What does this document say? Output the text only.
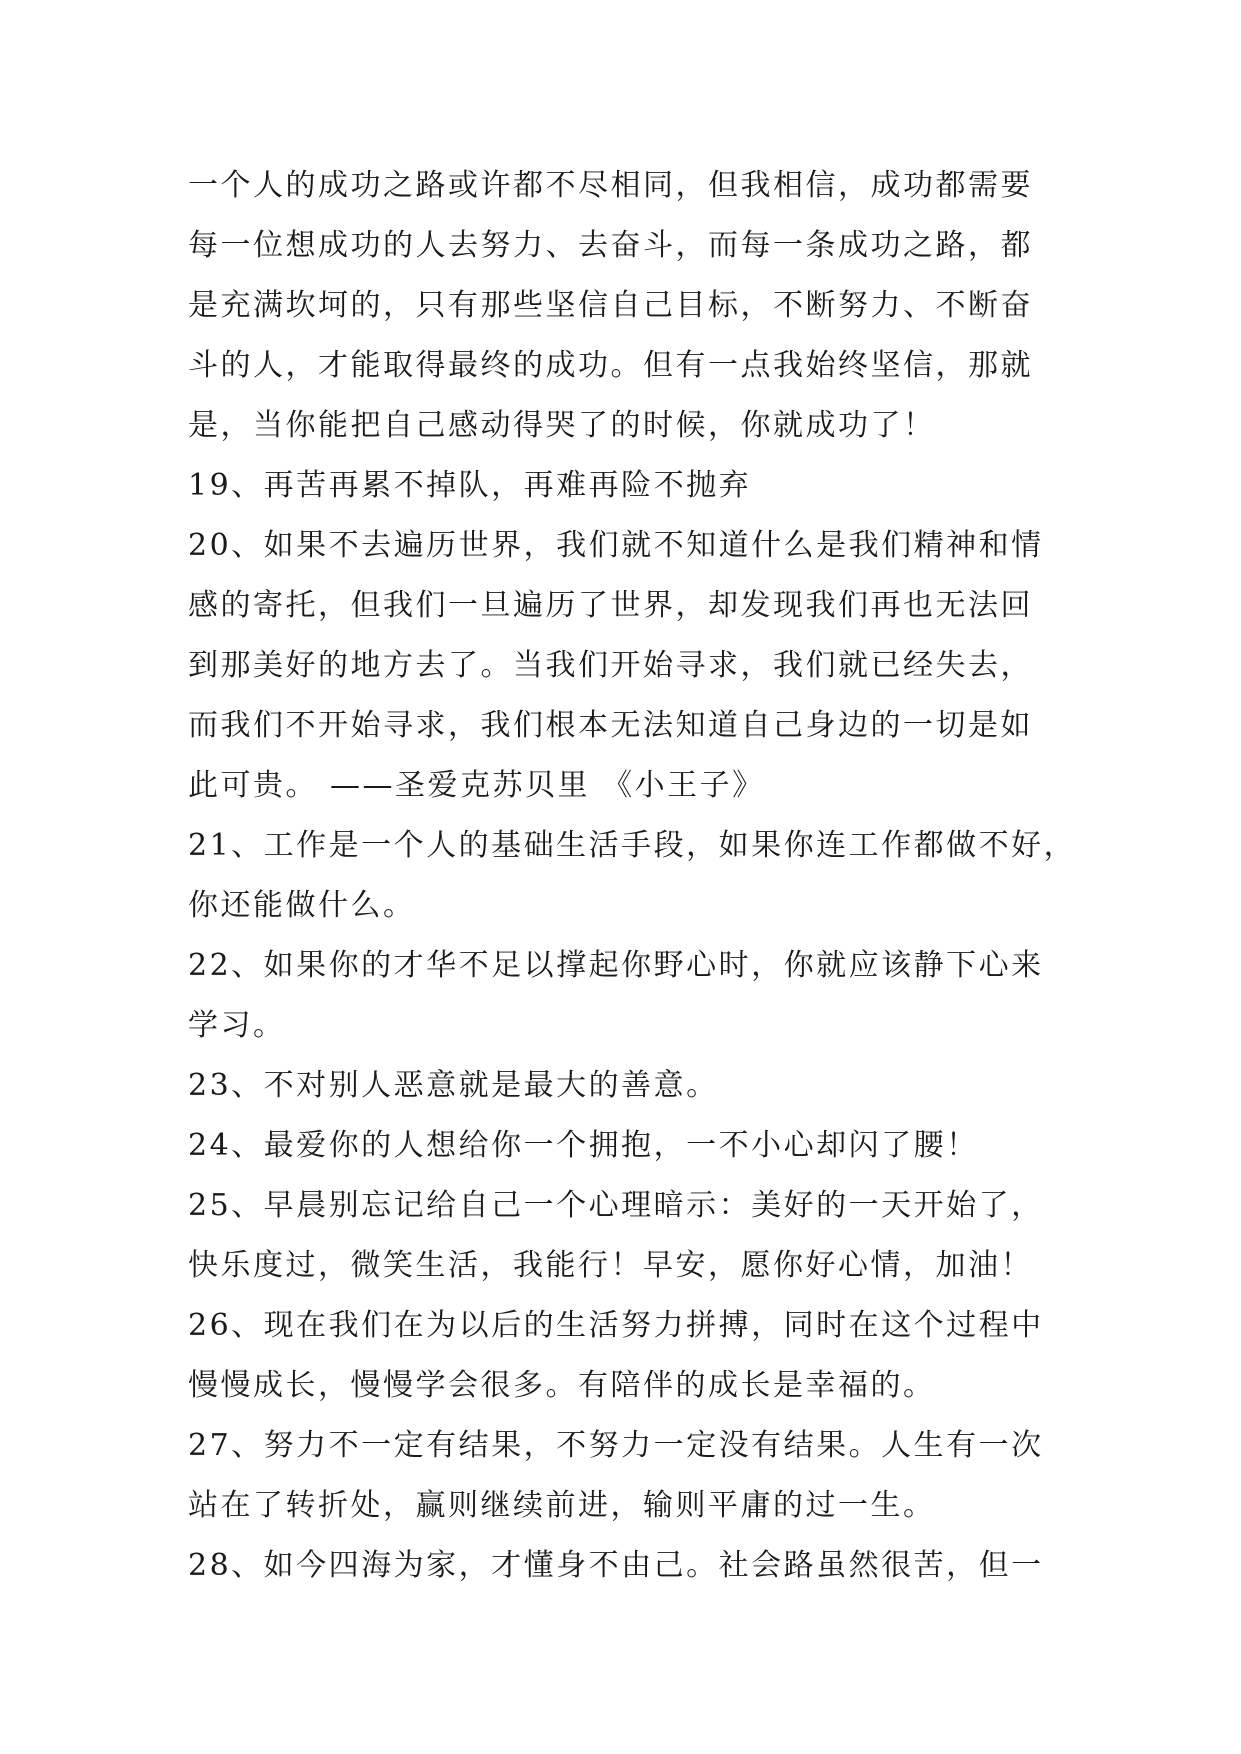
一个人的成功之路或许都不尽相同，但我相信，成功都需要
每一位想成功的人去努力、去奋斗，而每一条成功之路，都
是充满坎坷的，只有那些坚信自己目标，不断努力、不断奋
斗的人，才能取得最终的成功。但有一点我始终坚信，那就
是，当你能把自己感动得哭了的时候，你就成功了！
19、再苦再累不掉队，再难再险不抛弃
20、如果不去遍历世界，我们就不知道什么是我们精神和情
感的寄托，但我们一旦遍历了世界，却发现我们再也无法回
到那美好的地方去了。当我们开始寻求，我们就已经失去，
而我们不开始寻求，我们根本无法知道自己身边的一切是如
此可贵。 ——圣爱克苏贝里 《小王子》
21、工作是一个人的基础生活手段，如果你连工作都做不好，
你还能做什么。
22、如果你的才华不足以撑起你野心时，你就应该静下心来
学习。
23、不对别人恶意就是最大的善意。
24、最爱你的人想给你一个拥抱，一不小心却闪了腰！
25、早晨别忘记给自己一个心理暗示：美好的一天开始了，
快乐度过，微笑生活，我能行！早安，愿你好心情，加油！
26、现在我们在为以后的生活努力拼搏，同时在这个过程中
慢慢成长，慢慢学会很多。有陪伴的成长是幸福的。
27、努力不一定有结果，不努力一定没有结果。人生有一次
站在了转折处，赢则继续前进，输则平庸的过一生。
28、如今四海为家，才懂身不由己。社会路虽然很苦，但一
